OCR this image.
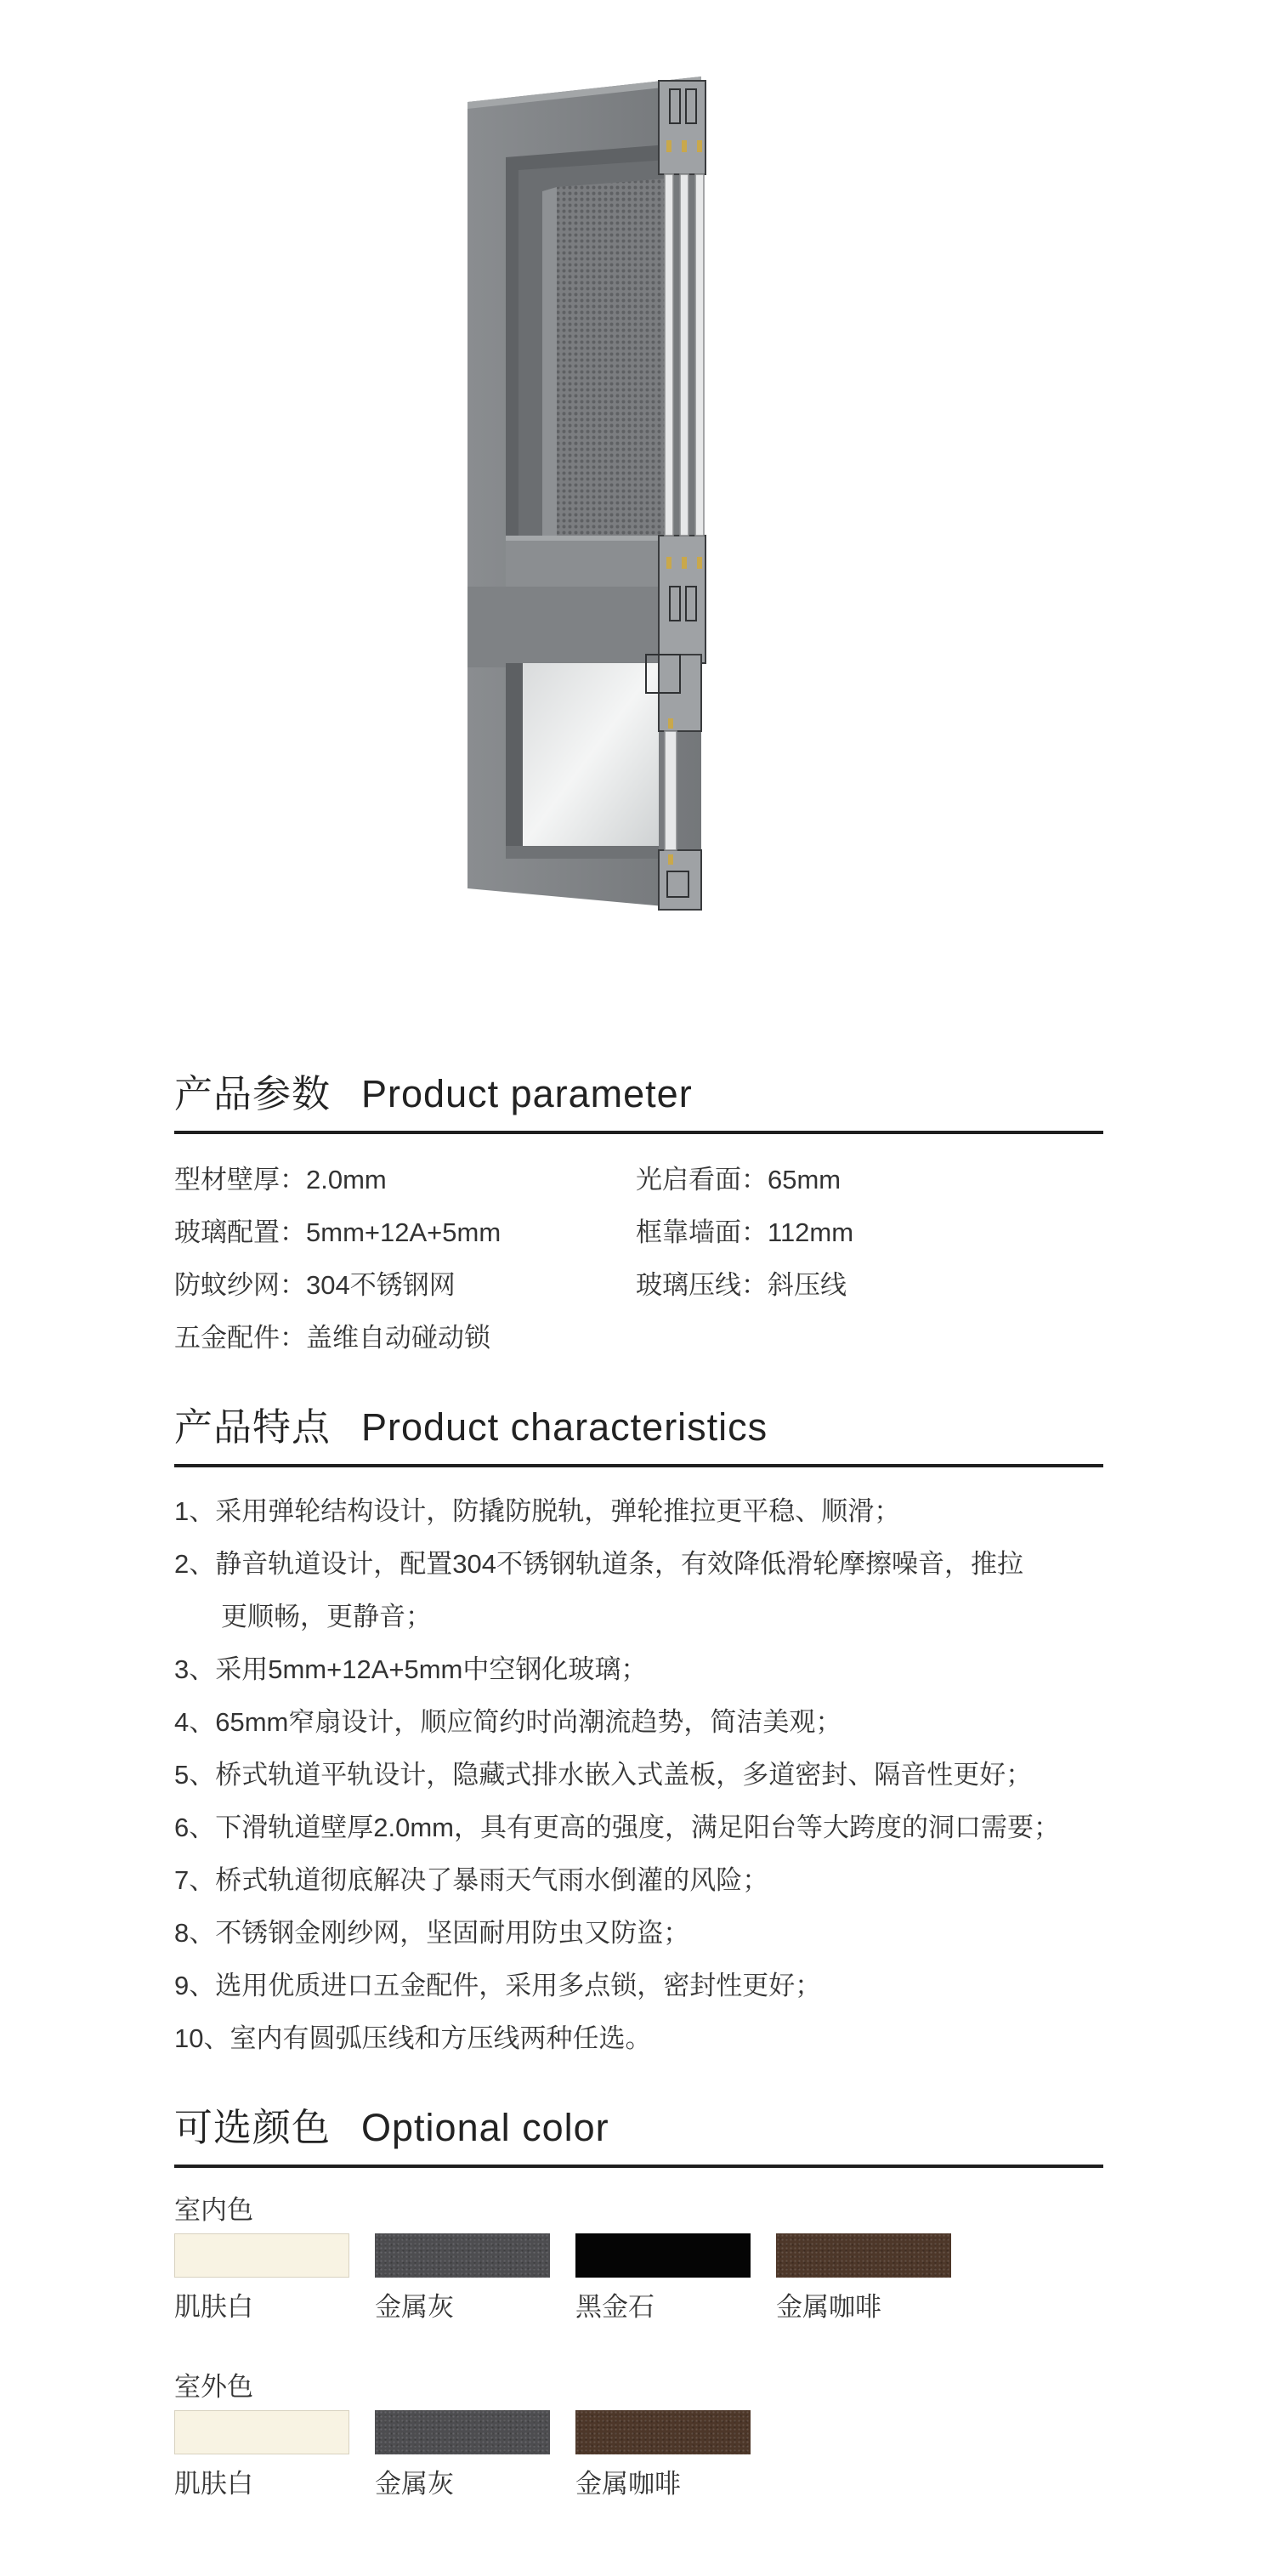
产品参数 Product parameter
型材壁厚：2.0mm	光启看面：65mm
玻璃配置：5mm+12A+5mm	框靠墙面：112mm
防蚊纱网：304不锈钢网	玻璃压线：斜压线
五金配件：盖维自动碰动锁
产品特点 Product characteristics
1、采用弹轮结构设计，防撬防脱轨，弹轮推拉更平稳、顺滑；
2、静音轨道设计，配置304不锈钢轨道条，有效降低滑轮摩擦噪音，推拉
更顺畅，更静音；
3、采用5mm+12A+5mm中空钢化玻璃；
4、65mm窄扇设计，顺应简约时尚潮流趋势，简洁美观；
5、桥式轨道平轨设计，隐藏式排水嵌入式盖板，多道密封、隔音性更好；
6、下滑轨道壁厚2.0mm，具有更高的强度，满足阳台等大跨度的洞口需要；
7、桥式轨道彻底解决了暴雨天气雨水倒灌的风险；
8、不锈钢金刚纱网，坚固耐用防虫又防盗；
9、选用优质进口五金配件，采用多点锁，密封性更好；
10、室内有圆弧压线和方压线两种任选。
可选颜色 Optional color
室内色
肌肤白	金属灰	黑金石	金属咖啡
室外色
肌肤白	金属灰	金属咖啡
